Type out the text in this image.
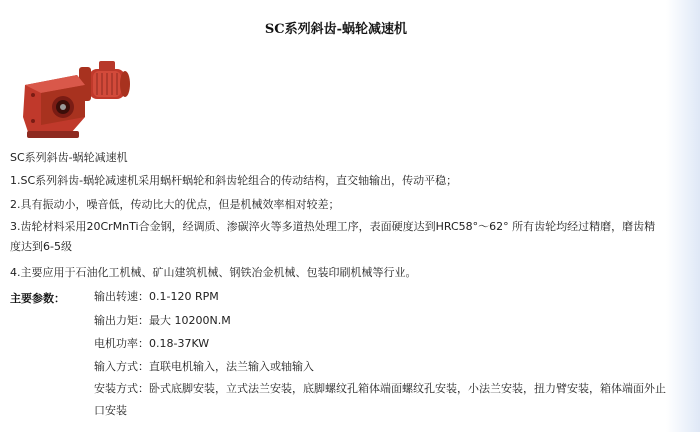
SC系列斜齿-蜗轮减速机
SC系列斜齿-蜗轮减速机
1.SC系列斜齿-蜗轮减速机采用蜗杆蜗轮和斜齿轮组合的传动结构，直交轴输出，传动平稳；
2.具有振动小，噪音低，传动比大的优点，但是机械效率相对较差；
3.齿轮材料采用20CrMnTi合金钢，经调质、渗碳淬火等多道热处理工序，表面硬度达到HRC58°～62° 所有齿轮均经过精磨，磨齿精度达到6-5级
4.主要应用于石油化工机械、矿山建筑机械、钢铁冶金机械、包装印刷机械等行业。
主要参数：	输出转速：0.1-120 RPM
输出力矩：最大 10200N.M
电机功率：0.18-37KW
输入方式：直联电机输入，法兰输入或轴输入
安装方式：卧式底脚安装，立式法兰安装，底脚螺纹孔箱体端面螺纹孔安装，小法兰安装，扭力臂安装，箱体端面外止口安装
